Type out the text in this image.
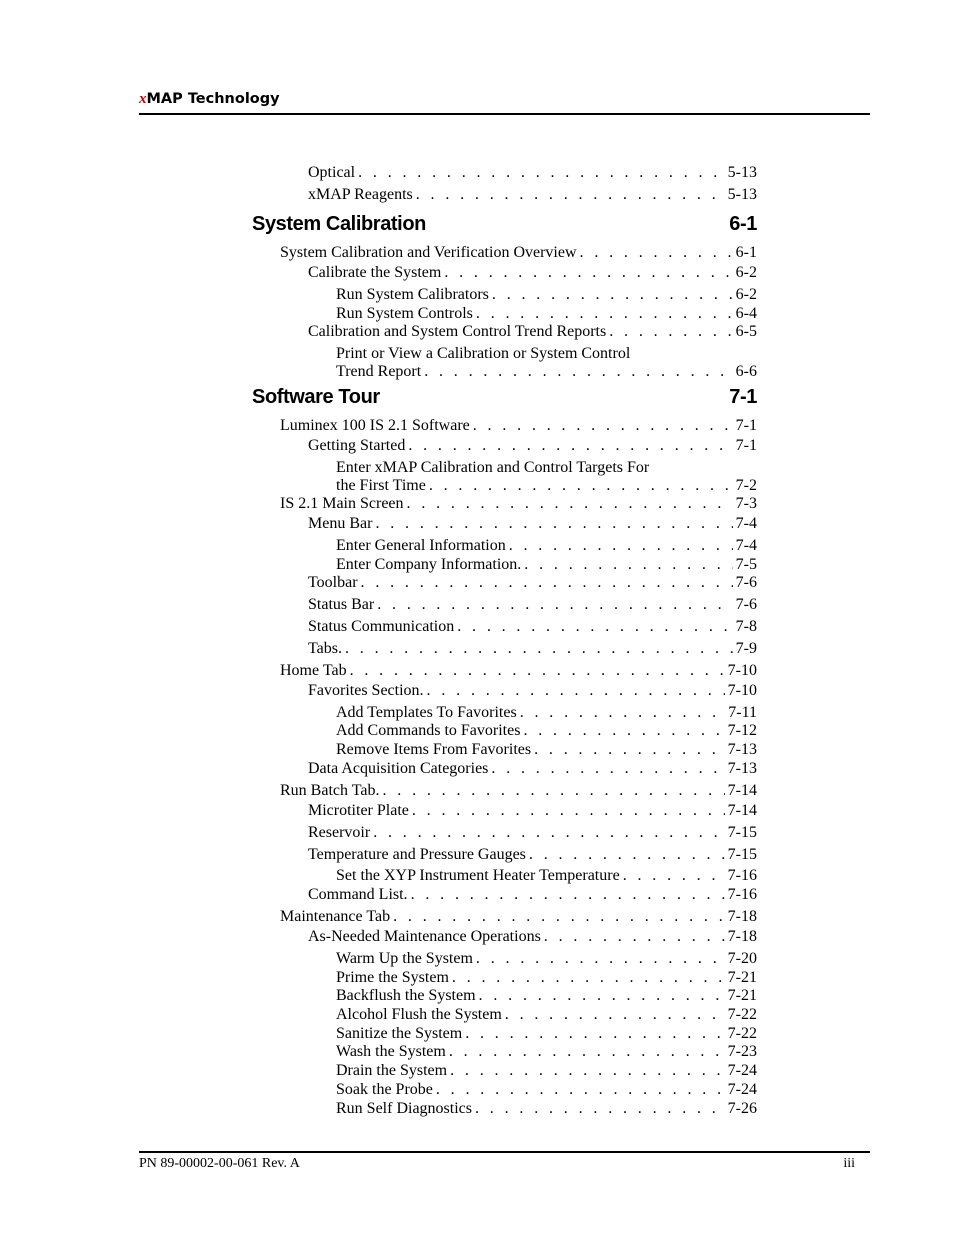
xMAP Technology
Optical . . .	5-13
xMAP Reagents . . .	5-13
System Calibration	6-1
System Calibration and Verification Overview . . .	6-1
Calibrate the System . . .	6-2
Run System Calibrators . . .	6-2
Run System Controls . . .	6-4
Calibration and System Control Trend Reports . . .	6-5
Print or View a Calibration or System Control
Trend Report . . .	6-6
Software Tour	7-1
Luminex 100 IS 2.1 Software . . .	7-1
Getting Started . . .	7-1
Enter xMAP Calibration and Control Targets For
the First Time . . .	7-2
IS 2.1 Main Screen . . .	7-3
Menu Bar . . .	7-4
Enter General Information . . .	7-4
Enter Company Information. . . .	7-5
Toolbar . . .	7-6
Status Bar . . .	7-6
Status Communication . . .	7-8
Tabs. . . .	7-9
Home Tab . . .	7-10
Favorites Section. . . .	7-10
Add Templates To Favorites . . .	7-11
Add Commands to Favorites . . .	7-12
Remove Items From Favorites . . .	7-13
Data Acquisition Categories . . .	7-13
Run Batch Tab. . . .	7-14
Microtiter Plate . . .	7-14
Reservoir . . .	7-15
Temperature and Pressure Gauges . . .	7-15
Set the XYP Instrument Heater Temperature . . .	7-16
Command List. . . .	7-16
Maintenance Tab . . .	7-18
As-Needed Maintenance Operations . . .	7-18
Warm Up the System . . .	7-20
Prime the System . . .	7-21
Backflush the System . . .	7-21
Alcohol Flush the System . . .	7-22
Sanitize the System . . .	7-22
Wash the System . . .	7-23
Drain the System . . .	7-24
Soak the Probe . . .	7-24
Run Self Diagnostics . . .	7-26
PN 89-00002-00-061 Rev. A	iii
